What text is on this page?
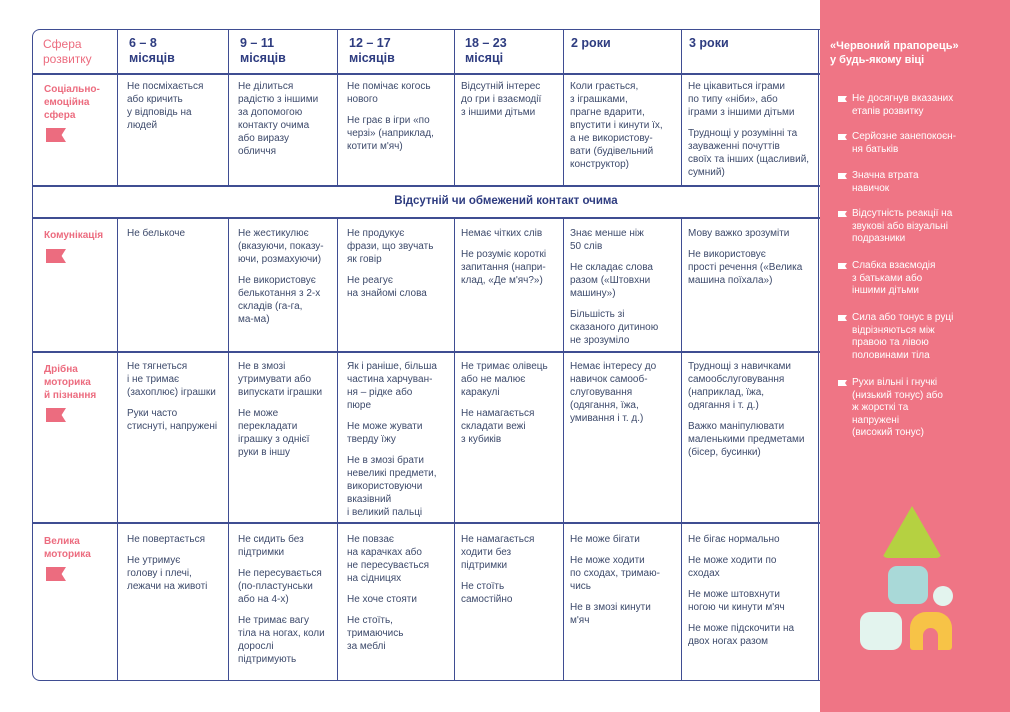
Сфера
розвитку
6 – 8
місяців
9 – 11
місяців
12 – 17
місяців
18 – 23
місяці
2 роки	3 роки
Соціально-
емоційна
сфера

Не посміхається
або кричить
у відповідь на
людей

Не ділиться
радістю з іншими
за допомогою
контакту очима
або виразу
обличчя

Не помічає когось
нового

Не грає в ігри «по
черзі» (наприклад,
котити м'яч)

Відсутній інтерес
до гри і взаємодії
з іншими дітьми

Коли грається,
з іграшками,
прагне вдарити,
впустити і кинути їх,
а не використову-
вати (будівельний
конструктор)

Не цікавиться іграми
по типу «ніби», або
іграми з іншими дітьми

Труднощі у розумінні та
зауваженні почуттів
своїх та інших (щасливий,
сумний)

Відсутній чи обмежений контакт очима
Комунікація Не белькоче	Не жестикулює
(вказуючи, показу-
ючи, розмахуючи)

Не використовує
белькотання з 2-х
складів (га-га,
ма-ма)

Не продукує
фрази, що звучать
як говір

Не реагує
на знайомі слова

Немає чітких слів

Не розуміє короткі
запитання (напри-
клад, «Де м'яч?»)

Знає менше ніж
50 слів

Не складає слова
разом («Штовхни
машину»)

Більшість зі
сказаного дитиною
не зрозуміло

Мову важко зрозуміти

Не використовує
прості речення («Велика
машина поїхала»)

Дрібна
моторика
й пізнання

Не тягнеться
і не тримає
(захоплює) іграшки

Руки часто
стиснуті, напружені

Не в змозі
утримувати або
випускати іграшки

Не може
перекладати
іграшку з однієї
руки в іншу

Як і раніше, більша
частина харчуван-
ня – рідке або
пюре

Не може жувати
тверду їжу

Не в змозі брати
невеликі предмети,
використовуючи
вказівний
і великий пальці

Не тримає олівець
або не малює
каракулі

Не намагається
складати вежі
з кубиків

Немає інтересу до
навичок самооб-
слуговування
(одягання, їжа,
умивання і т. д.)

Труднощі з навичками
самообслуговування
(наприклад, їжа,
одягання і т. д.)

Важко маніпулювати
маленькими предметами
(бісер, бусинки)

Велика
моторика

Не повертається

Не утримує
голову і плечі,
лежачи на животі

Не сидить без
підтримки

Не пересувається
(по-пластунськи
або на 4-х)

Не тримає вагу
тіла на ногах, коли
дорослі
підтримують

Не повзає
на карачках або
не пересувається
на сідницях

Не хоче стояти

Не стоїть,
тримаючись
за меблі

Не намагається
ходити без
підтримки

Не стоїть
самостійно

Не може бігати

Не може ходити
по сходах, тримаю-
чись

Не в змозі кинути
м'яч

Не бігає нормально

Не може ходити по
сходах

Не може штовхнути
ногою чи кинути м'яч

Не може підскочити на
двох ногах разом

«Червоний прапорець»
у будь-якому віці
Не досягнув вказаних
етапів розвитку
Серйозне занепокоєн-
ня батьків
Значна втрата
навичок
Відсутність реакції на
звукові або візуальні
подразники
Слабка взаємодія
з батьками або
іншими дітьми
Сила або тонус в руці
відрізняються між
правою та лівою
половинами тіла
Рухи вільні і гнучкі
(низький тонус) або
ж жорсткі та
напружені
(високий тонус)
